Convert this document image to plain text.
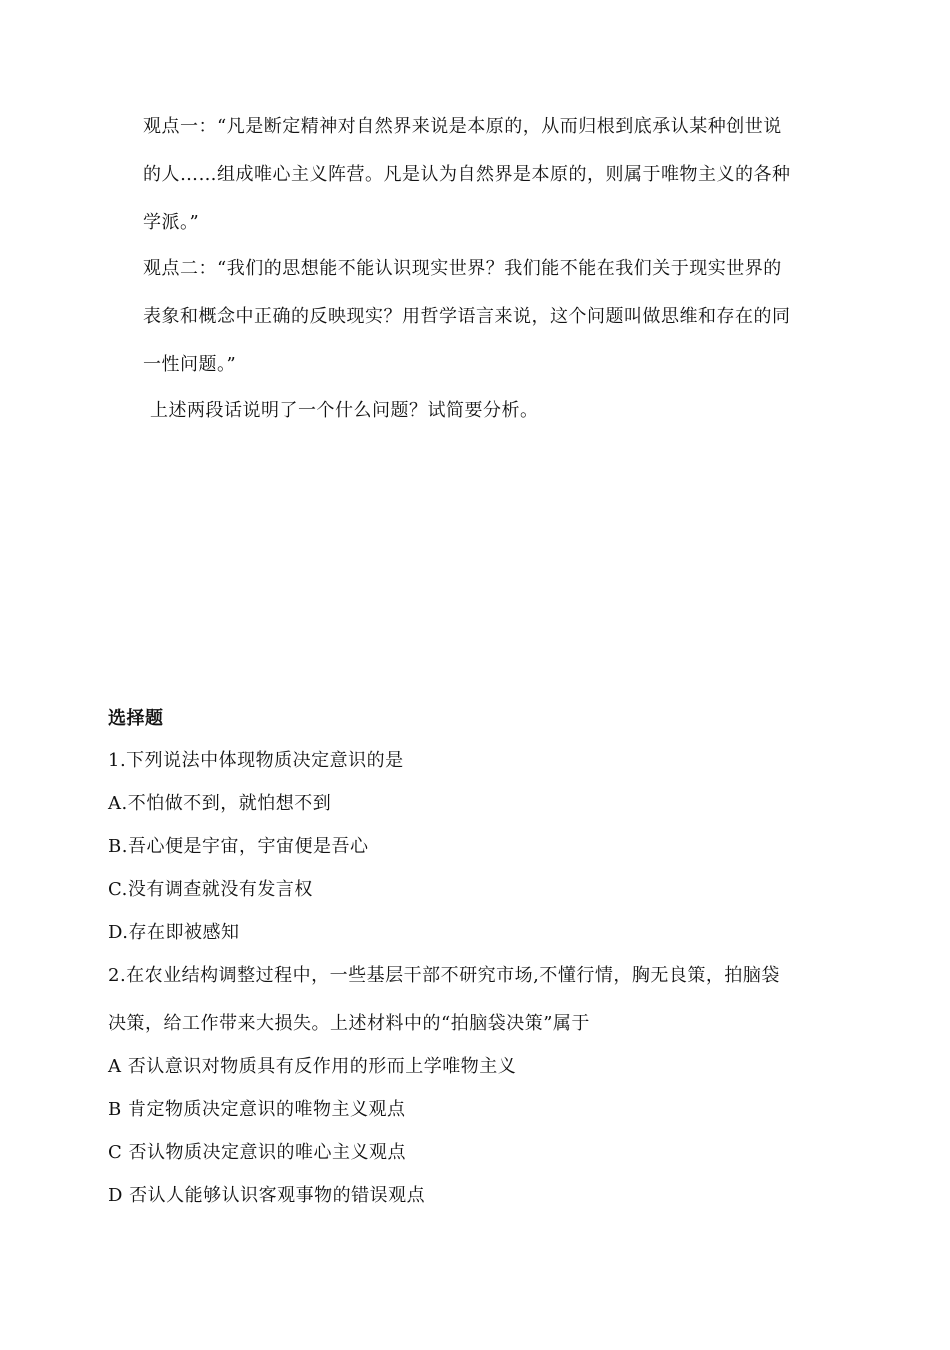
观点一：“凡是断定精神对自然界来说是本原的，从而归根到底承认某种创世说
的人……组成唯心主义阵营。凡是认为自然界是本原的，则属于唯物主义的各种
学派。”
观点二：“我们的思想能不能认识现实世界？我们能不能在我们关于现实世界的
表象和概念中正确的反映现实？用哲学语言来说，这个问题叫做思维和存在的同
一性问题。”
上述两段话说明了一个什么问题？试简要分析。
选择题
1.下列说法中体现物质决定意识的是
A.不怕做不到，就怕想不到
B.吾心便是宇宙，宇宙便是吾心
C.没有调查就没有发言权
D.存在即被感知
2.在农业结构调整过程中，一些基层干部不研究市场,不懂行情，胸无良策，拍脑袋
决策，给工作带来大损失。上述材料中的“拍脑袋决策”属于
A 否认意识对物质具有反作用的形而上学唯物主义
B 肯定物质决定意识的唯物主义观点
C 否认物质决定意识的唯心主义观点
D 否认人能够认识客观事物的错误观点
